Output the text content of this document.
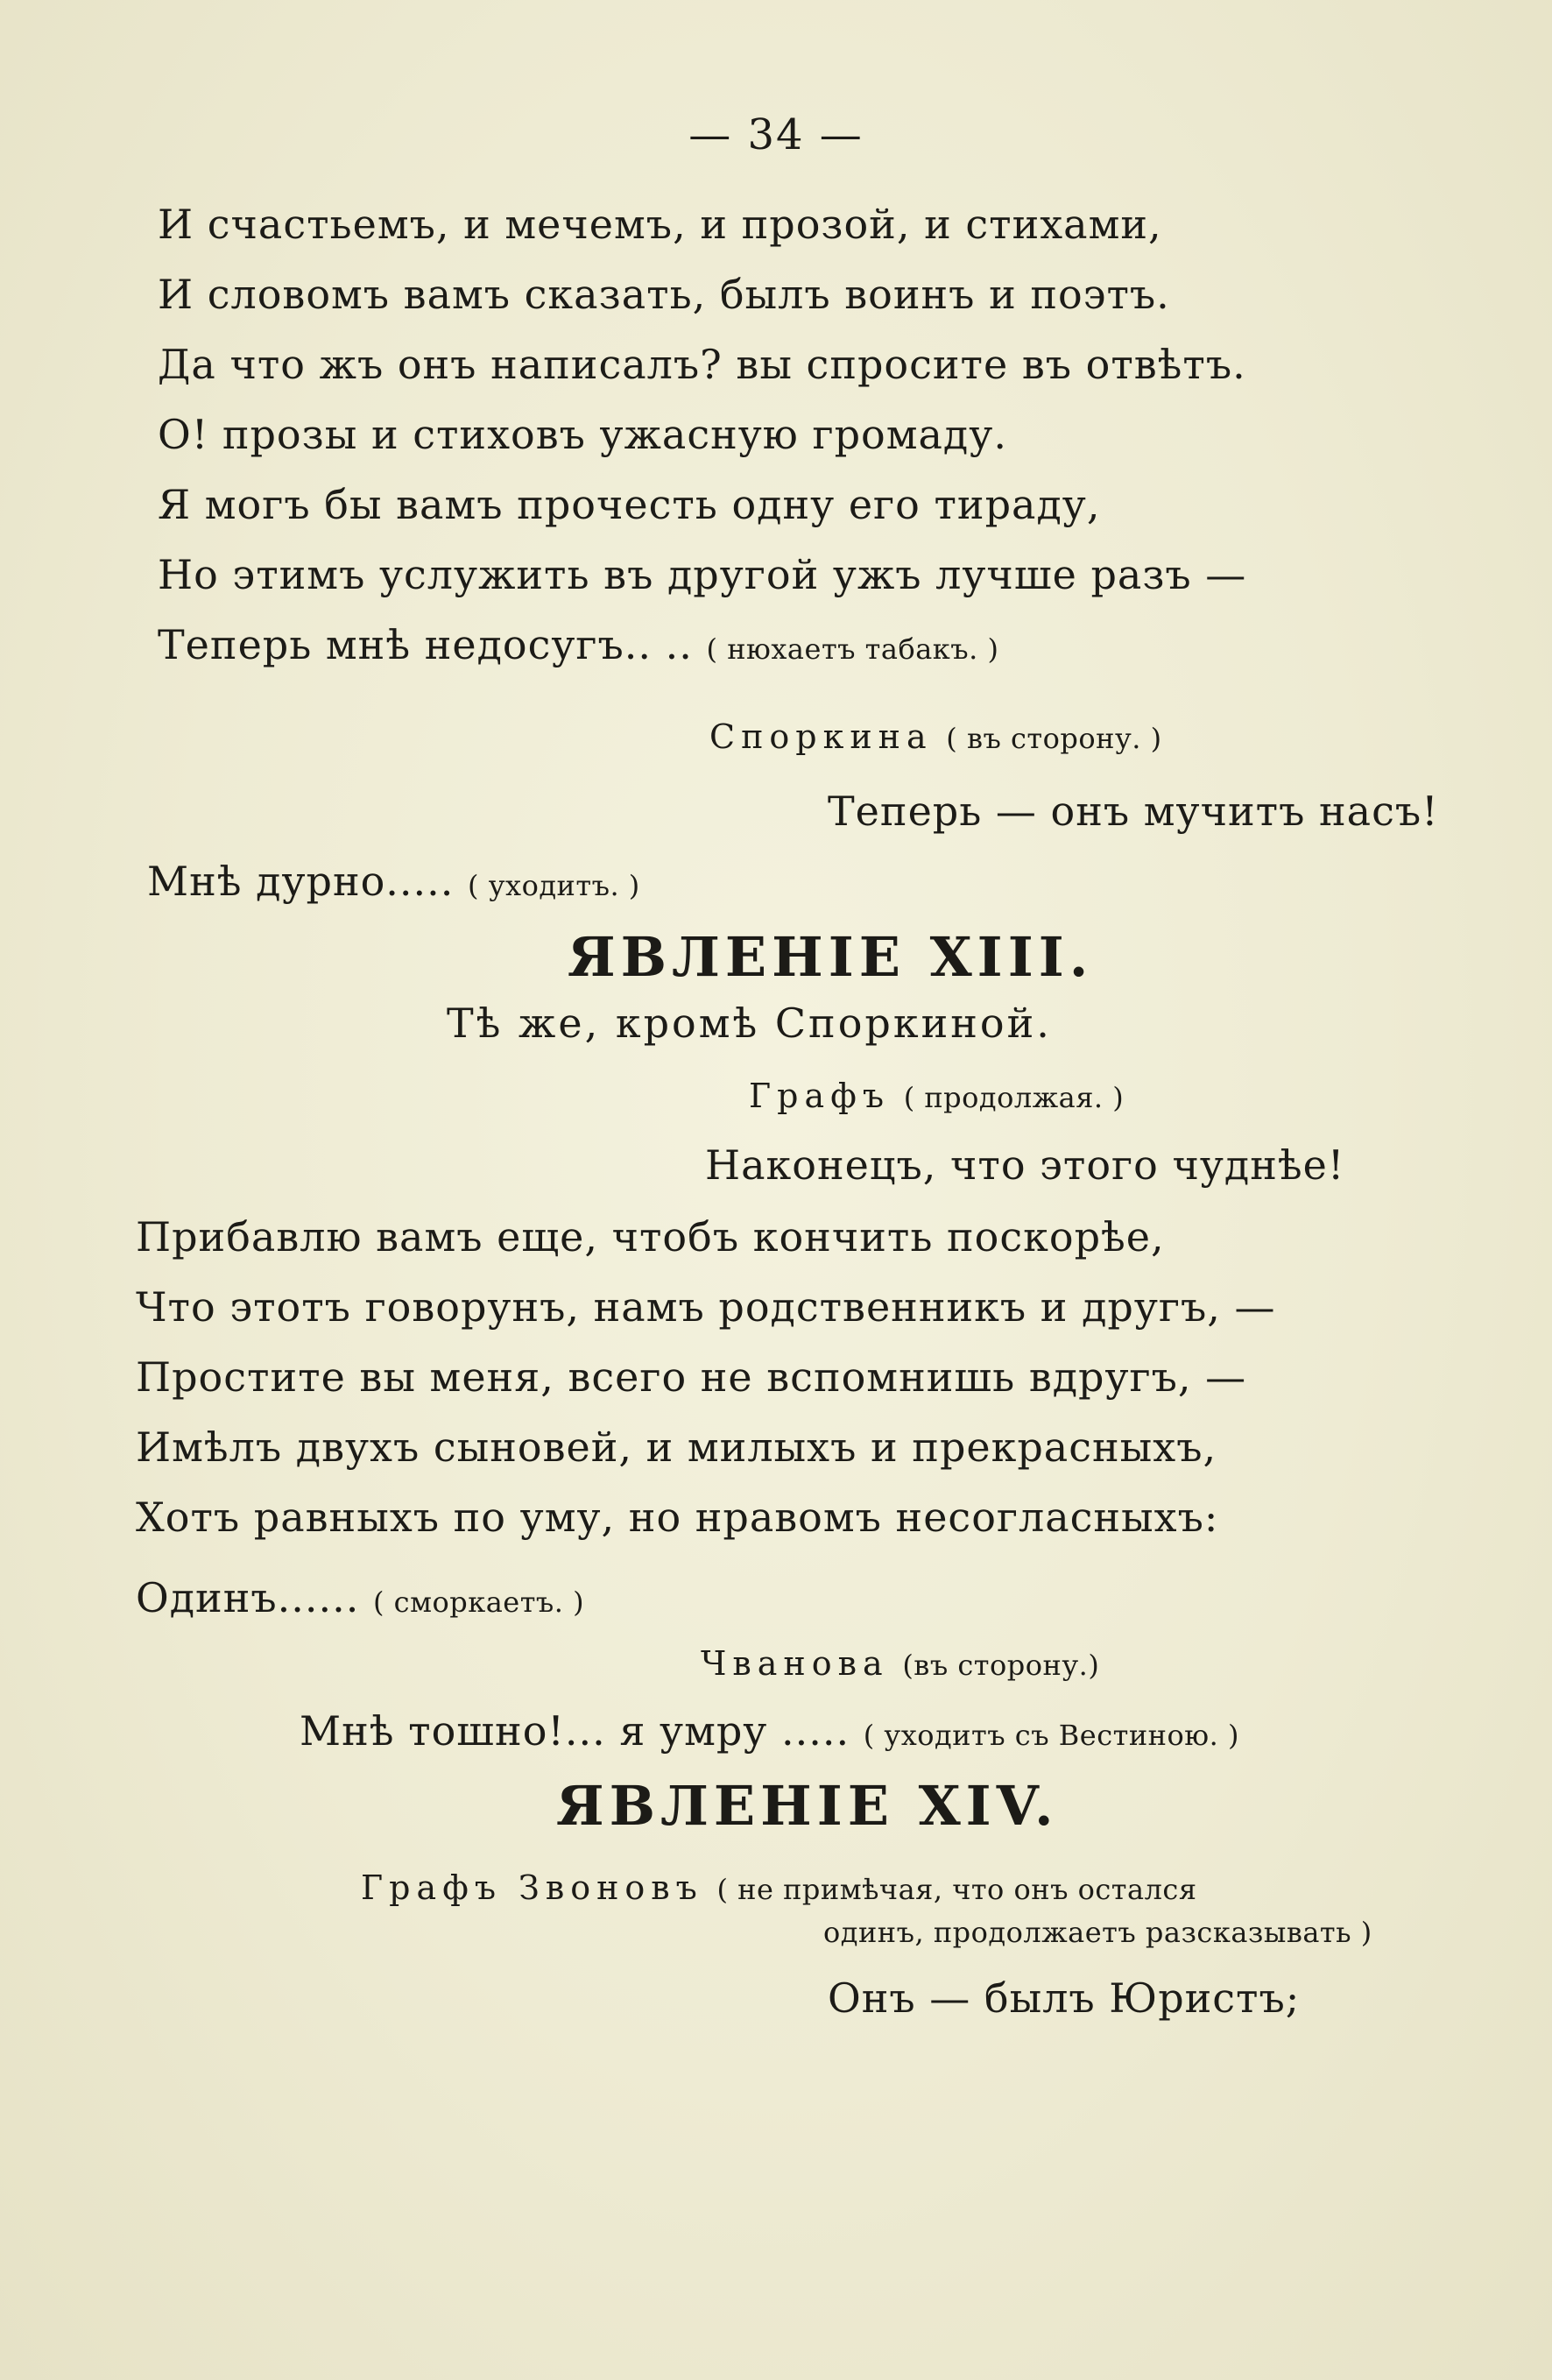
— 34 —
И счастьемъ, и мечемъ, и прозой, и стихами,
И словомъ вамъ сказать, былъ воинъ и поэтъ.
Да что жъ онъ написалъ? вы спросите въ отвѣтъ.
О! прозы и стиховъ ужасную громаду.
Я могъ бы вамъ прочесть одну его тираду,
Но этимъ услужить въ другой ужъ лучше разъ —
Теперь мнѣ недосугъ.. .. ( нюхаетъ табакъ. )
Споркина ( въ сторону. )
Теперь — онъ мучитъ насъ!
Мнѣ дурно..... ( уходитъ. )
ЯВЛЕНІЕ XIII.
Тѣ же, кромѣ Споркиной.
Графъ ( продолжая. )
Наконецъ, что этого чуднѣе!
Прибавлю вамъ еще, чтобъ кончить поскорѣе,
Что этотъ говорунъ, намъ родственникъ и другъ, —
Простите вы меня, всего не вспомнишь вдругъ, —
Имѣлъ двухъ сыновей, и милыхъ и прекрасныхъ,
Хотъ равныхъ по уму, но нравомъ несогласныхъ:
Одинъ...... ( сморкаетъ. )
Чванова (въ сторону.)
Мнѣ тошно!... я умру ..... ( уходитъ съ Вестиною. )
ЯВЛЕНІЕ XIV.
Графъ Звоновъ ( не примѣчая, что онъ остался
одинъ, продолжаетъ разсказывать )
Онъ — былъ Юристъ;
